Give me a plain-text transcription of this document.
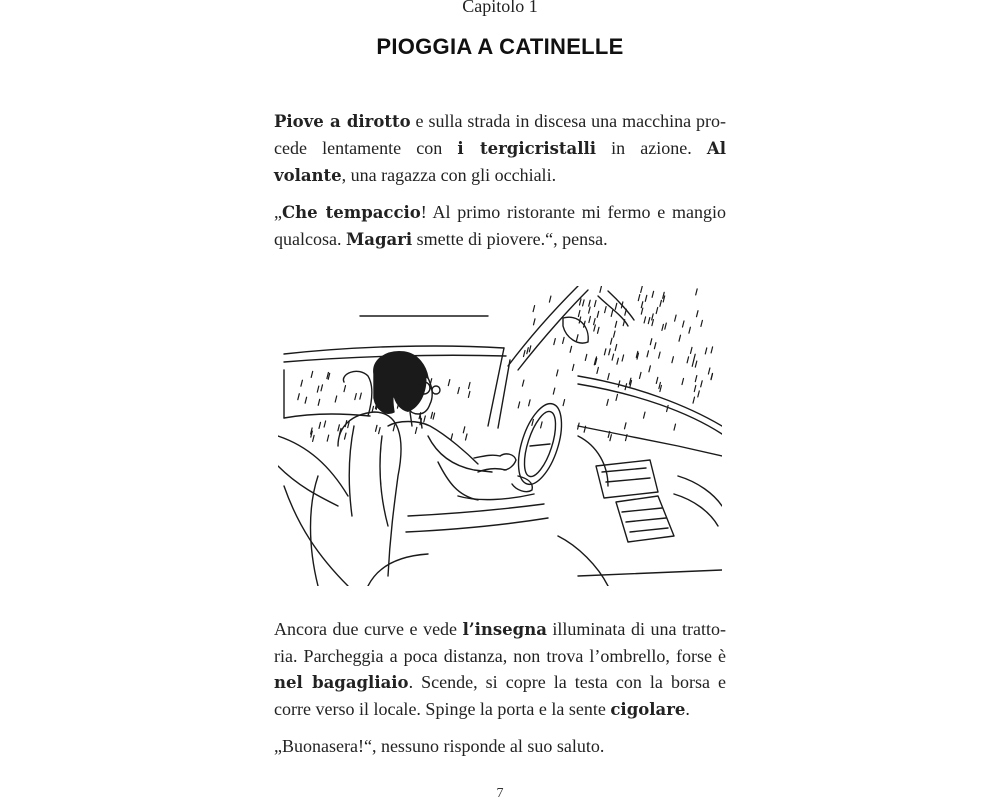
Capitolo 1
PIOGGIA A CATINELLE

Piove a dirotto e sulla strada in discesa una macchina pro-cede lentamente con i tergicristalli in azione. Al volante, una ragazza con gli occhiali.

„Che tempaccio! Al primo ristorante mi fermo e mangio qualcosa. Magari smette di piovere.“, pensa.

Ancora due curve e vede l’insegna illuminata di una tratto-ria. Parcheggia a poca distanza, non trova l’ombrello, forse è nel bagagliaio. Scende, si copre la testa con la borsa e corre verso il locale. Spinge la porta e la sente cigolare.

„Buonasera!“, nessuno risponde al suo saluto.

7
